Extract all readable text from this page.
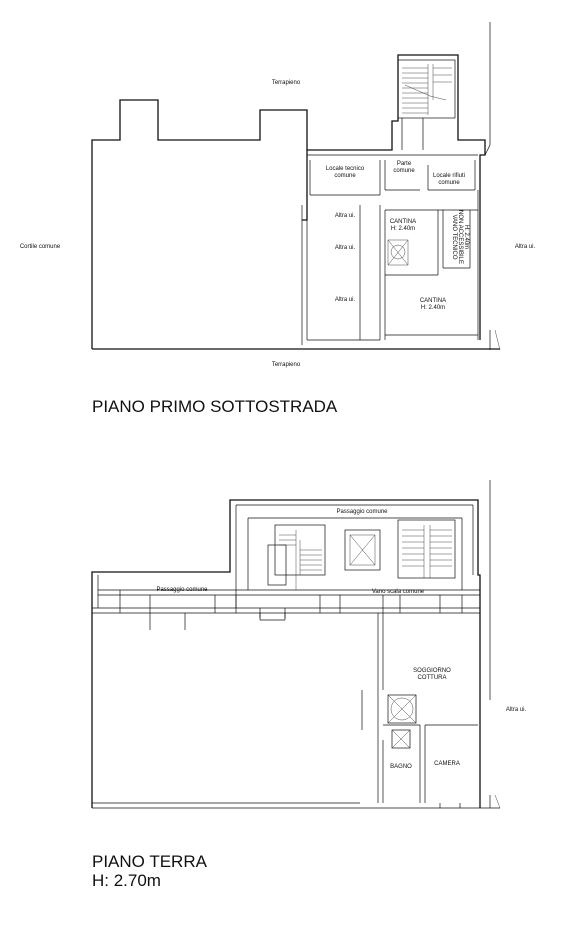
Terrapieno
Cortile comune
Locale tecnico
comune
Parte
comune
Locale rifiuti
comune
Altra ui.
Altra ui.
Altra ui.
CANTINA
H: 2.40m	VANO TECNICO NON ACCESSIBILE H: 2.40m
CANTINA
H: 2.40m
Altra ui.
Terrapieno
PIANO PRIMO SOTTOSTRADA
Passaggio comune
Passaggio comune	Vano scala comune
SOGGIORNO
COTTURA
BAGNO	CAMERA
Altra ui.
PIANO TERRA
H: 2.70m
